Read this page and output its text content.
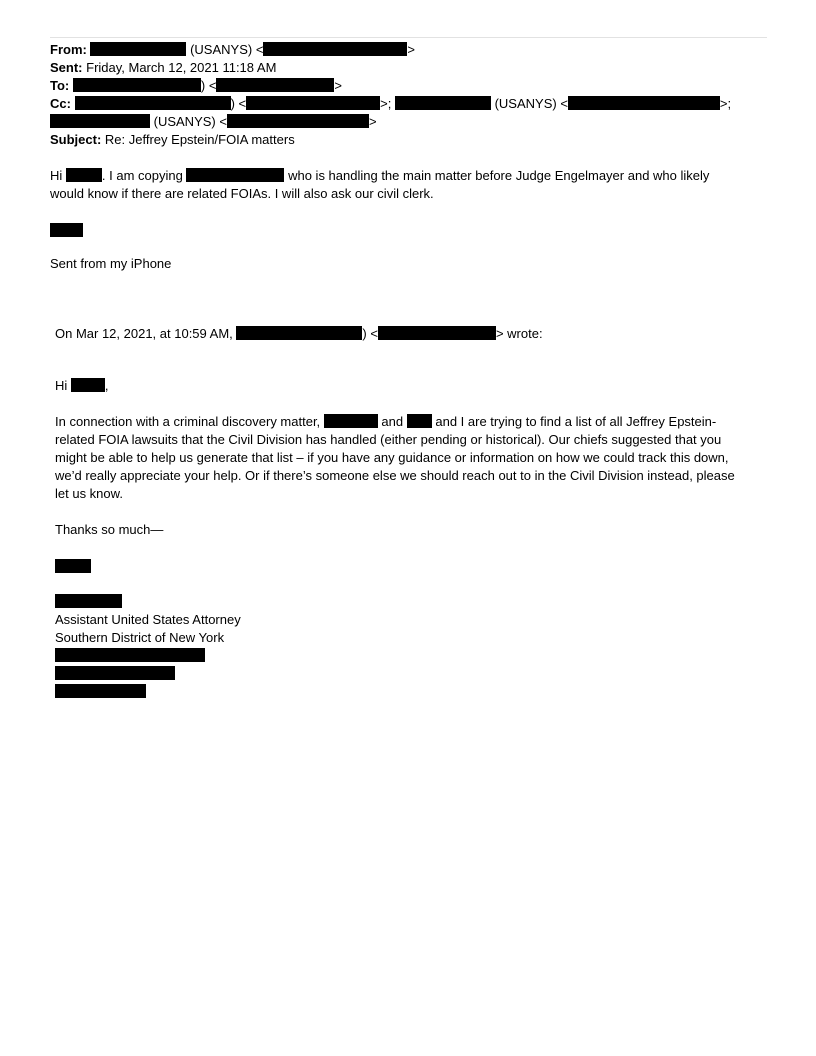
From:	(USANYS) <	>
Sent: Friday, March 12, 2021 11:18 AM
To:	) <	>
Cc:	) <	>;	(USANYS) <	>;
(USANYS) <	>
Subject: Re: Jeffrey Epstein/FOIA matters
Hi	. I am copying	who is handling the main matter before Judge Engelmayer and who likely
would know if there are related FOIAs. I will also ask our civil clerk.
Sent from my iPhone
On Mar 12, 2021, at 10:59 AM,	) <	> wrote:
Hi	,
In connection with a criminal discovery matter,	and and I are trying to find a list of all Jeffrey Epstein-
related FOIA lawsuits that the Civil Division has handled (either pending or historical). Our chiefs suggested that you
might be able to help us generate that list – if you have any guidance or information on how we could track this down,
we’d really appreciate your help. Or if there’s someone else we should reach out to in the Civil Division instead, please
let us know.
Thanks so much—
Assistant United States Attorney
Southern District of New York
